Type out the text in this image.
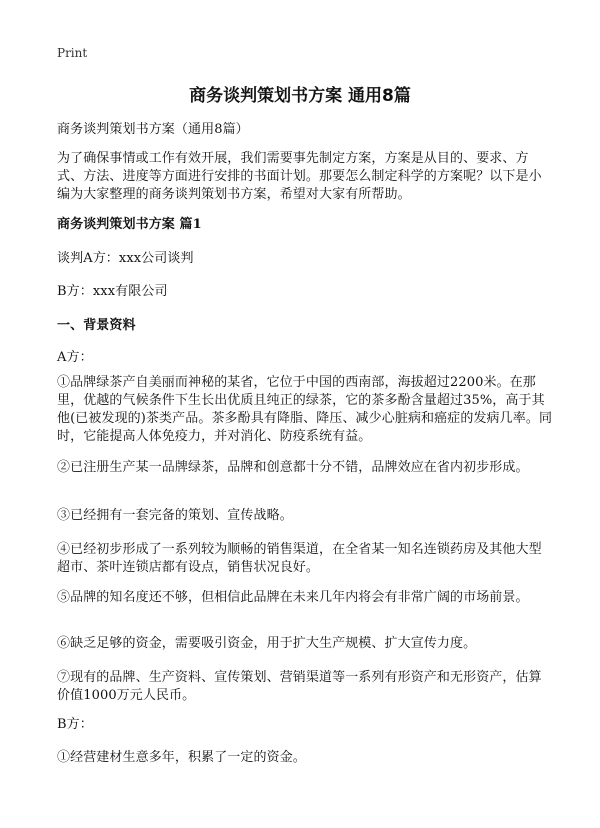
Print
商务谈判策划书方案 通用8篇
商务谈判策划书方案（通用8篇）
为了确保事情或工作有效开展，我们需要事先制定方案，方案是从目的、要求、方式、方法、进度等方面进行安排的书面计划。那要怎么制定科学的方案呢？以下是小编为大家整理的商务谈判策划书方案，希望对大家有所帮助。
商务谈判策划书方案 篇1
谈判A方：xxx公司谈判
B方：xxx有限公司
一、背景资料
A方：
①品牌绿茶产自美丽而神秘的某省，它位于中国的西南部，海拔超过2200米。在那里，优越的气候条件下生长出优质且纯正的绿茶，它的茶多酚含量超过35%，高于其他(已被发现的)茶类产品。茶多酚具有降脂、降压、减少心脏病和癌症的发病几率。同时，它能提高人体免疫力，并对消化、防疫系统有益。
②已注册生产某一品牌绿茶，品牌和创意都十分不错，品牌效应在省内初步形成。
③已经拥有一套完备的策划、宣传战略。
④已经初步形成了一系列较为顺畅的销售渠道，在全省某一知名连锁药房及其他大型超市、茶叶连锁店都有设点，销售状况良好。
⑤品牌的知名度还不够，但相信此品牌在未来几年内将会有非常广阔的市场前景。
⑥缺乏足够的资金，需要吸引资金，用于扩大生产规模、扩大宣传力度。
⑦现有的品牌、生产资料、宣传策划、营销渠道等一系列有形资产和无形资产，估算价值1000万元人民币。
B方：
①经营建材生意多年，积累了一定的资金。
